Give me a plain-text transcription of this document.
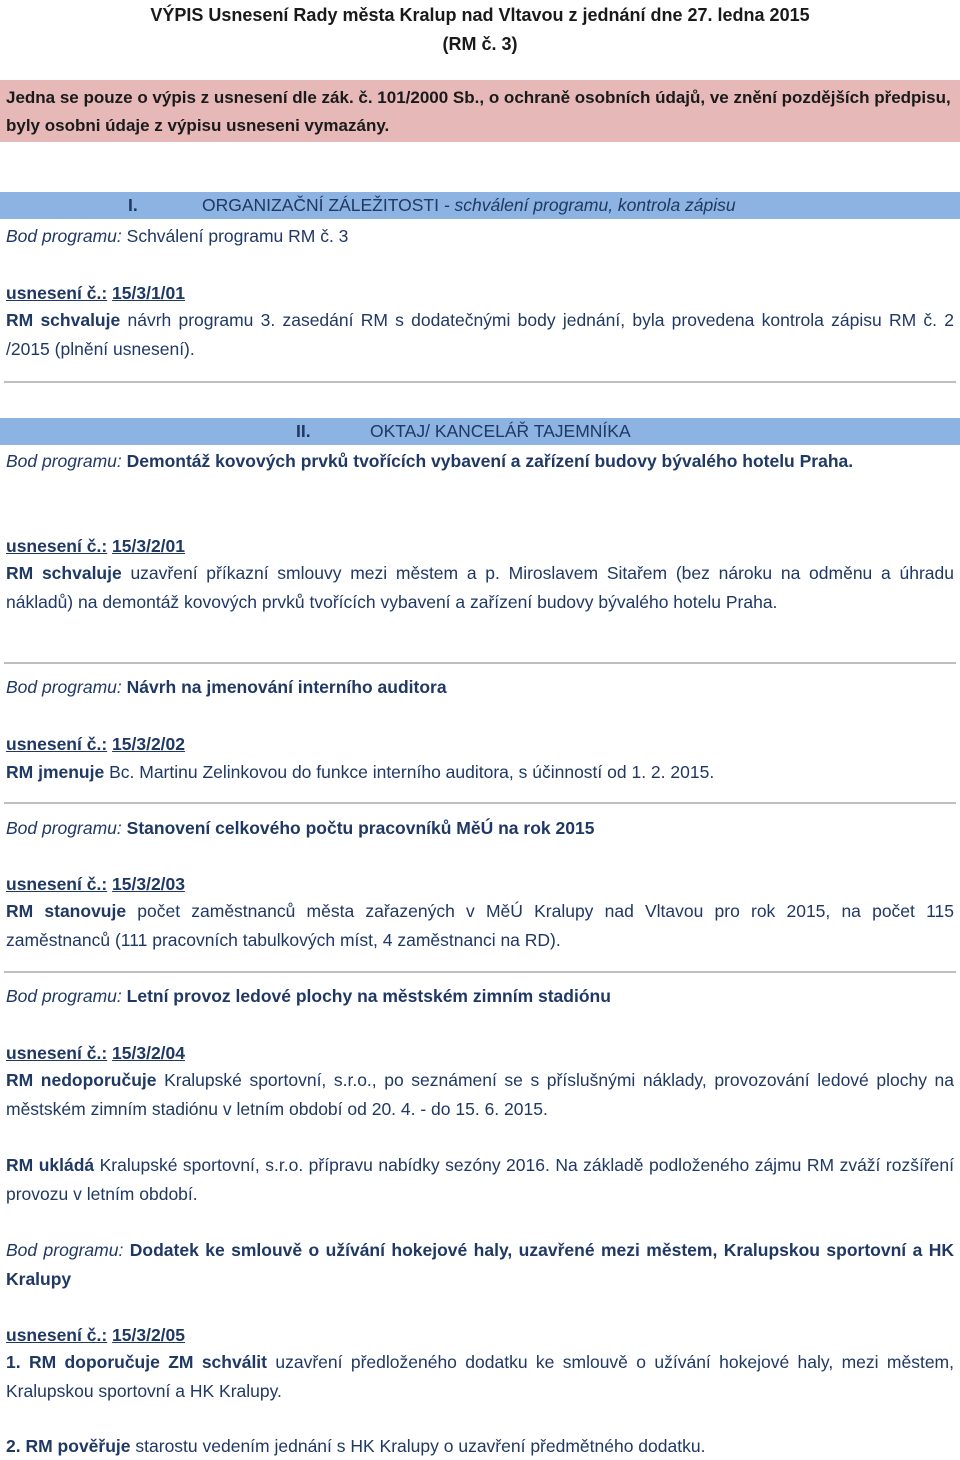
VÝPIS Usnesení Rady města Kralup nad Vltavou z jednání dne 27. ledna 2015
(RM č. 3)
Jedna se pouze o výpis z usnesení dle zák. č. 101/2000 Sb., o ochraně osobních údajů, ve znění pozdějších předpisu, byly osobni údaje z výpisu usneseni vymazány.
I.	ORGANIZAČNÍ ZÁLEŽITOSTI - schválení programu, kontrola zápisu
Bod programu: Schválení programu RM č. 3
usnesení č.: 15/3/1/01
RM schvaluje návrh programu 3. zasedání RM s dodatečnými body jednání, byla provedena kontrola zápisu RM č. 2 /2015 (plnění usnesení).
II.	OKTAJ/ KANCELÁŘ TAJEMNÍKA
Bod programu: Demontáž kovových prvků tvořících vybavení a zařízení budovy bývalého hotelu Praha.
usnesení č.: 15/3/2/01
RM schvaluje uzavření příkazní smlouvy mezi městem a p. Miroslavem Sitařem (bez nároku na odměnu a úhradu nákladů) na demontáž kovových prvků tvořících vybavení a zařízení budovy bývalého hotelu Praha.
Bod programu: Návrh na jmenování interního auditora
usnesení č.: 15/3/2/02
RM jmenuje Bc. Martinu Zelinkovou do funkce interního auditora, s účinností od 1. 2. 2015.
Bod programu: Stanovení celkového počtu pracovníků MěÚ na rok 2015
usnesení č.: 15/3/2/03
RM stanovuje počet zaměstnanců města zařazených v MěÚ Kralupy nad Vltavou pro rok 2015, na počet 115 zaměstnanců (111 pracovních tabulkových míst, 4 zaměstnanci na RD).
Bod programu: Letní provoz ledové plochy na městském zimním stadiónu
usnesení č.: 15/3/2/04
RM nedoporučuje Kralupské sportovní, s.r.o., po seznámení se s příslušnými náklady, provozování ledové plochy na městském zimním stadiónu v letním období od 20. 4. - do 15. 6. 2015.
RM ukládá Kralupské sportovní, s.r.o. přípravu nabídky sezóny 2016. Na základě podloženého zájmu RM zváží rozšíření provozu v letním období.
Bod programu: Dodatek ke smlouvě o užívání hokejové haly, uzavřené mezi městem, Kralupskou sportovní a HK Kralupy
usnesení č.: 15/3/2/05
1. RM doporučuje ZM schválit uzavření předloženého dodatku ke smlouvě o užívání hokejové haly, mezi městem, Kralupskou sportovní a HK Kralupy.
2. RM pověřuje starostu vedením jednání s HK Kralupy o uzavření předmětného dodatku.
